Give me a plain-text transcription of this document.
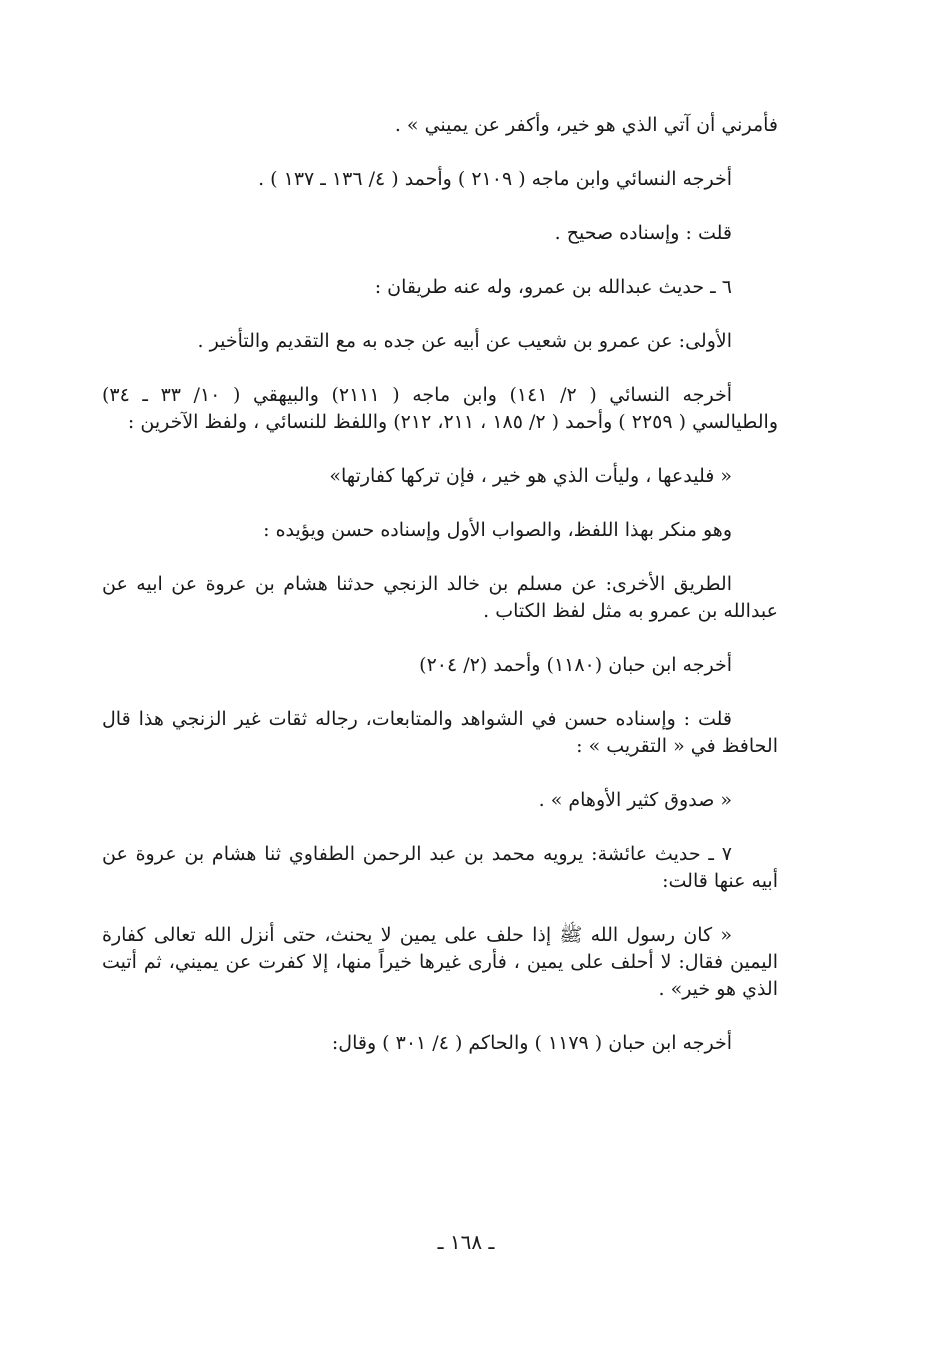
فأمرني أن آتي الذي هو خير، وأكفر عن يميني » .

أخرجه النسائي وابن ماجه ( ٢١٠٩ ) وأحمد ( ٤/ ١٣٦ ـ ١٣٧ ) .

قلت : وإسناده صحيح .

٦ ـ حديث عبدالله بن عمرو، وله عنه طريقان :

الأولى: عن عمرو بن شعيب عن أبيه عن جده به مع التقديم والتأخير .

أخرجه النسائي ( ٢/ ١٤١) وابن ماجه ( ٢١١١) والبيهقي ( ١٠/ ٣٣ ـ ٣٤) والطيالسي ( ٢٢٥٩ ) وأحمد ( ٢/ ١٨٥ ، ٢١١، ٢١٢) واللفظ للنسائي ، ولفظ الآخرين :

« فليدعها ، وليأت الذي هو خير ، فإن تركها كفارتها»

وهو منكر بهذا اللفظ، والصواب الأول وإسناده حسن ويؤيده :

الطريق الأخرى: عن مسلم بن خالد الزنجي حدثنا هشام بن عروة عن ابيه عن عبدالله بن عمرو به مثل لفظ الكتاب .

أخرجه ابن حبان (١١٨٠) وأحمد (٢/ ٢٠٤)

قلت : وإسناده حسن في الشواهد والمتابعات، رجاله ثقات غير الزنجي هذا قال الحافظ في « التقريب » :

« صدوق كثير الأوهام » .

٧ ـ حديث عائشة: يرويه محمد بن عبد الرحمن الطفاوي ثنا هشام بن عروة عن أبيه عنها قالت:

« كان رسول الله ﷺ إذا حلف على يمين لا يحنث، حتى أنزل الله تعالى كفارة اليمين فقال: لا أحلف على يمين ، فأرى غيرها خيراً منها، إلا كفرت عن يميني، ثم أتيت الذي هو خير» .

أخرجه ابن حبان ( ١١٧٩ ) والحاكم ( ٤/ ٣٠١ ) وقال:

ـ ١٦٨ ـ
